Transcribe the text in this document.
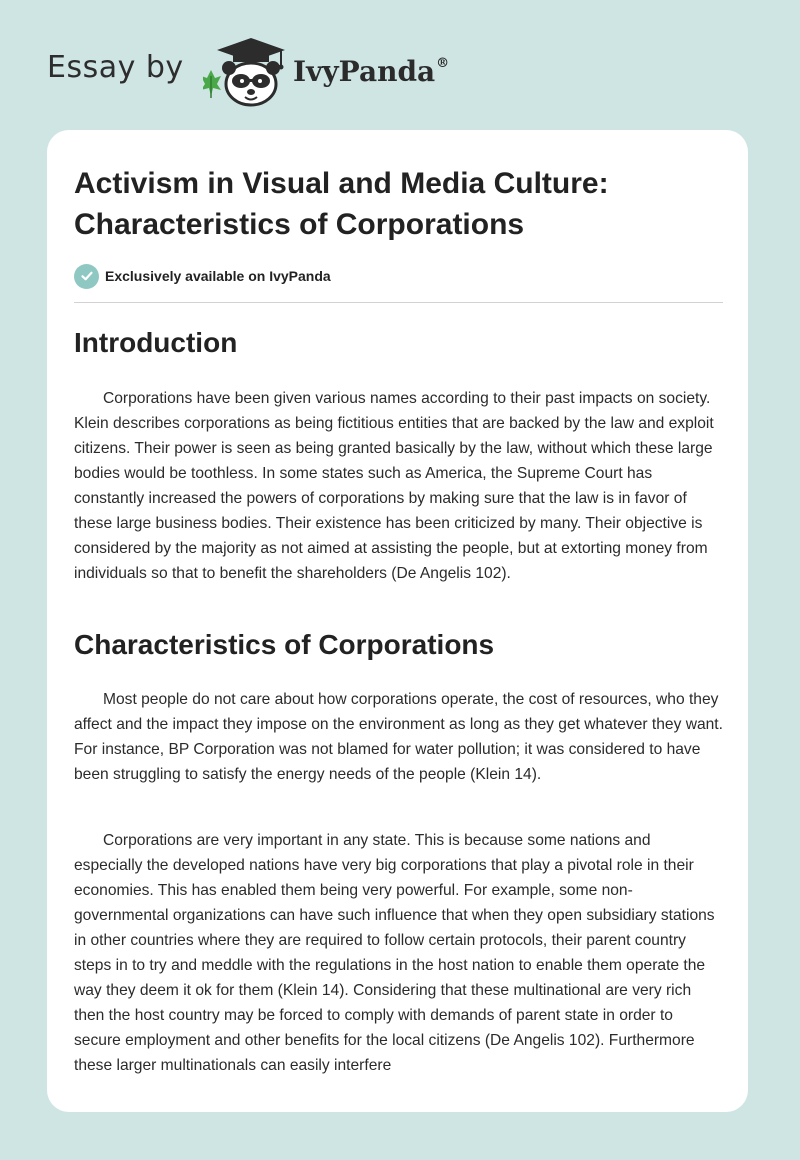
Essay by	IvyPanda®
Activism in Visual and Media Culture: Characteristics of Corporations
Exclusively available on IvyPanda
Introduction

Corporations have been given various names according to their past impacts on society. Klein describes corporations as being fictitious entities that are backed by the law and exploit citizens. Their power is seen as being granted basically by the law, without which these large bodies would be toothless. In some states such as America, the Supreme Court has constantly increased the powers of corporations by making sure that the law is in favor of these large business bodies. Their existence has been criticized by many. Their objective is considered by the majority as not aimed at assisting the people, but at extorting money from individuals so that to benefit the shareholders (De Angelis 102).

Characteristics of Corporations

Most people do not care about how corporations operate, the cost of resources, who they affect and the impact they impose on the environment as long as they get whatever they want. For instance, BP Corporation was not blamed for water pollution; it was considered to have been struggling to satisfy the energy needs of the people (Klein 14).

Corporations are very important in any state. This is because some nations and especially the developed nations have very big corporations that play a pivotal role in their economies. This has enabled them being very powerful. For example, some non-governmental organizations can have such influence that when they open subsidiary stations in other countries where they are required to follow certain protocols, their parent country steps in to try and meddle with the regulations in the host nation to enable them operate the way they deem it ok for them (Klein 14). Considering that these multinational are very rich then the host country may be forced to comply with demands of parent state in order to secure employment and other benefits for the local citizens (De Angelis 102). Furthermore these larger multinationals can easily interfere
